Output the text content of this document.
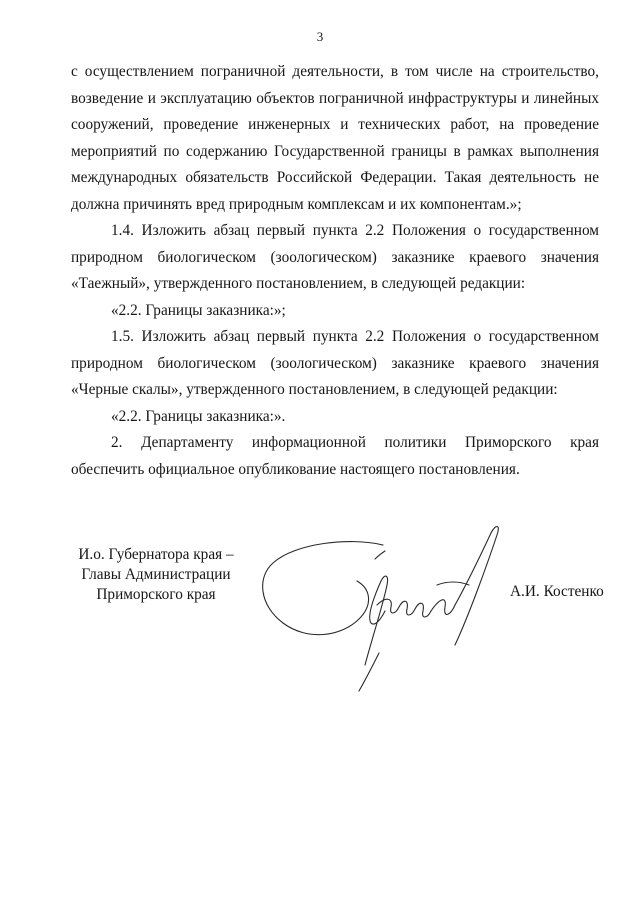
3

с осуществлением пограничной деятельности, в том числе на строительство, возведение и эксплуатацию объектов пограничной инфраструктуры и линейных сооружений, проведение инженерных и технических работ, на проведение мероприятий по содержанию Государственной границы в рамках выполнения международных обязательств Российской Федерации. Такая деятельность не должна причинять вред природным комплексам и их компонентам.»;

1.4. Изложить абзац первый пункта 2.2 Положения о государственном природном биологическом (зоологическом) заказнике краевого значения «Таежный», утвержденного постановлением, в следующей редакции:

«2.2. Границы заказника:»;

1.5. Изложить абзац первый пункта 2.2 Положения о государственном природном биологическом (зоологическом) заказнике краевого значения «Черные скалы», утвержденного постановлением, в следующей редакции:

«2.2. Границы заказника:».

2. Департаменту информационной политики Приморского края обеспечить официальное опубликование настоящего постановления.

И.о. Губернатора края –
Главы Администрации
Приморского края	А.И. Костенко
